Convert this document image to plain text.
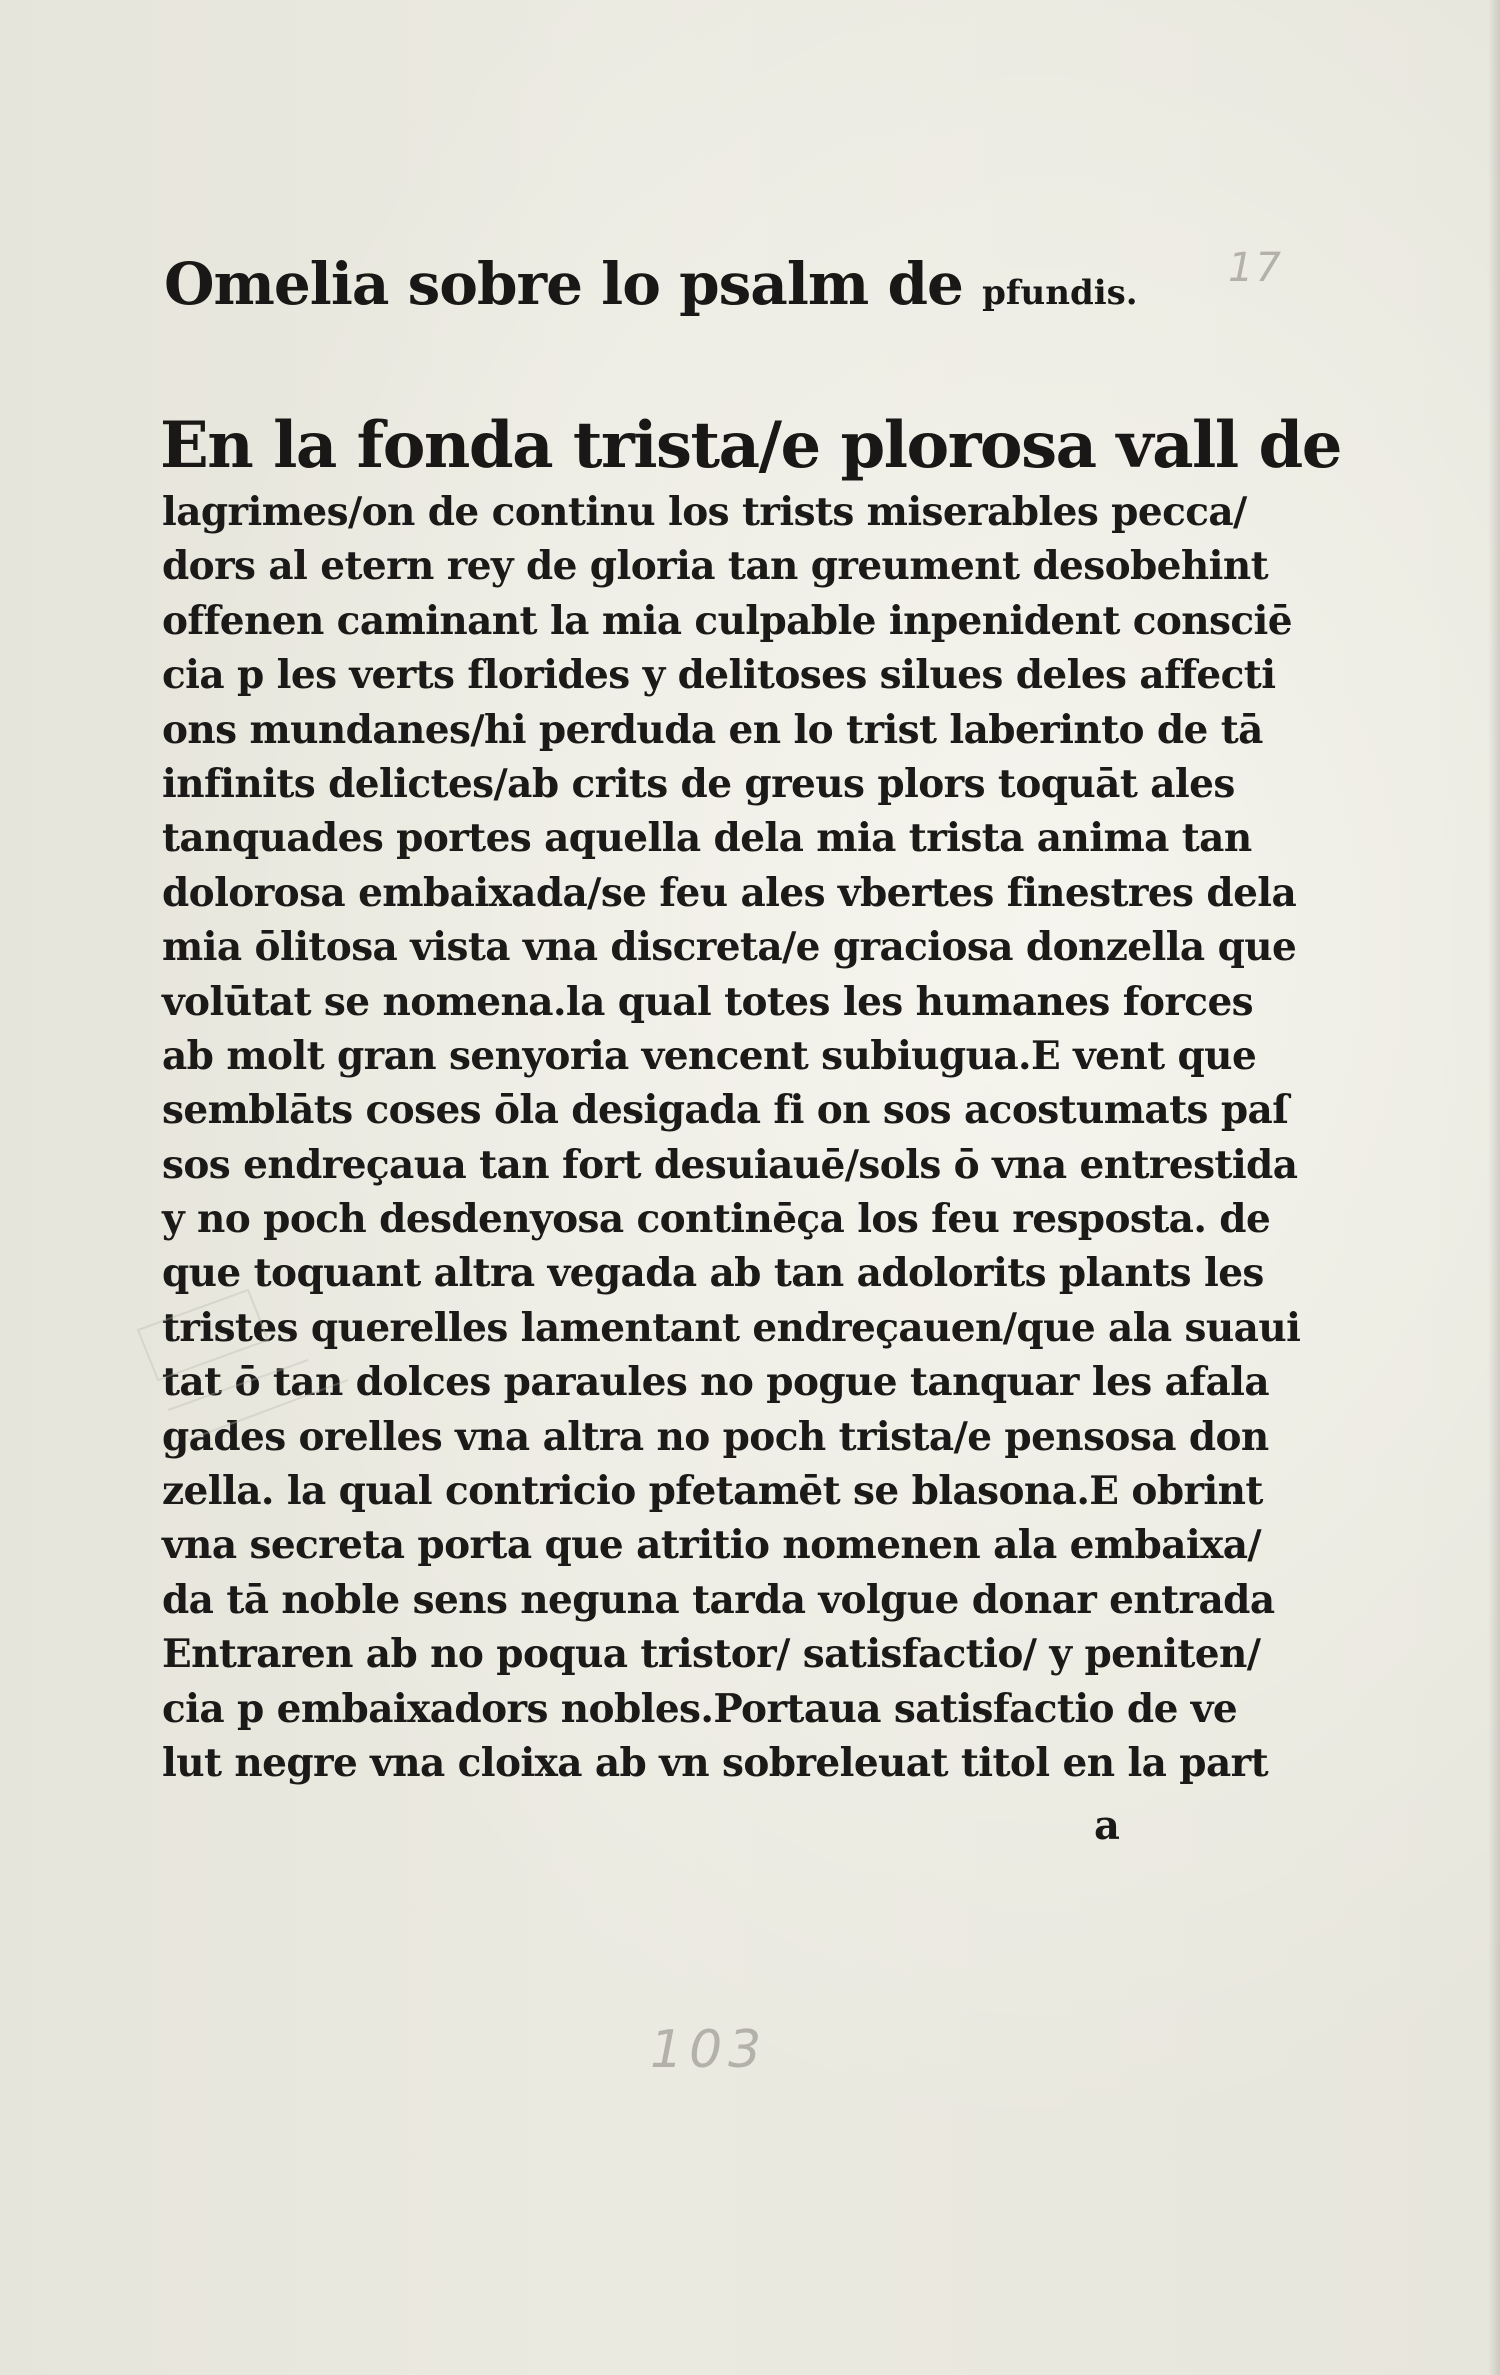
17
Omelia sobre lo psalm de pfundis.
En la fonda trista/e plorosa vall de
lagrimes/on de continu los trists miserables pecca/
dors al etern rey de gloria tan greument desobehint
offenen caminant la mia culpable inpenident consciē
cia p les verts florides y delitoses silues deles affecti
ons mundanes/hi perduda en lo trist laberinto de tā
infinits delictes/ab crits de greus plors toquāt ales
tanquades portes aquella dela mia trista anima tan
dolorosa embaixada/se feu ales vbertes finestres dela
mia ōlitosa vista vna discreta/e graciosa donzella que
volūtat se nomena.la qual totes les humanes forces
ab molt gran senyoria vencent subiugua.E vent que
semblāts coses ōla desigada fi on sos acostumats paſ
sos endreçaua tan fort desuiauē/sols ō vna entrestida
y no poch desdenyosa continēça los feu resposta. de
que toquant altra vegada ab tan adolorits plants les
tristes querelles lamentant endreçauen/que ala suaui
tat ō tan dolces paraules no pogue tanquar les afala
gades orelles vna altra no poch trista/e pensosa don
zella. la qual contricio pfetamēt se blasona.E obrint
vna secreta porta que atritio nomenen ala embaixa/
da tā noble sens neguna tarda volgue donar entrada
Entraren ab no poqua tristor/ satisfactio/ y peniten/
cia p embaixadors nobles.Portaua satisfactio de ve
lut negre vna cloixa ab vn sobreleuat titol en la part
a
103
